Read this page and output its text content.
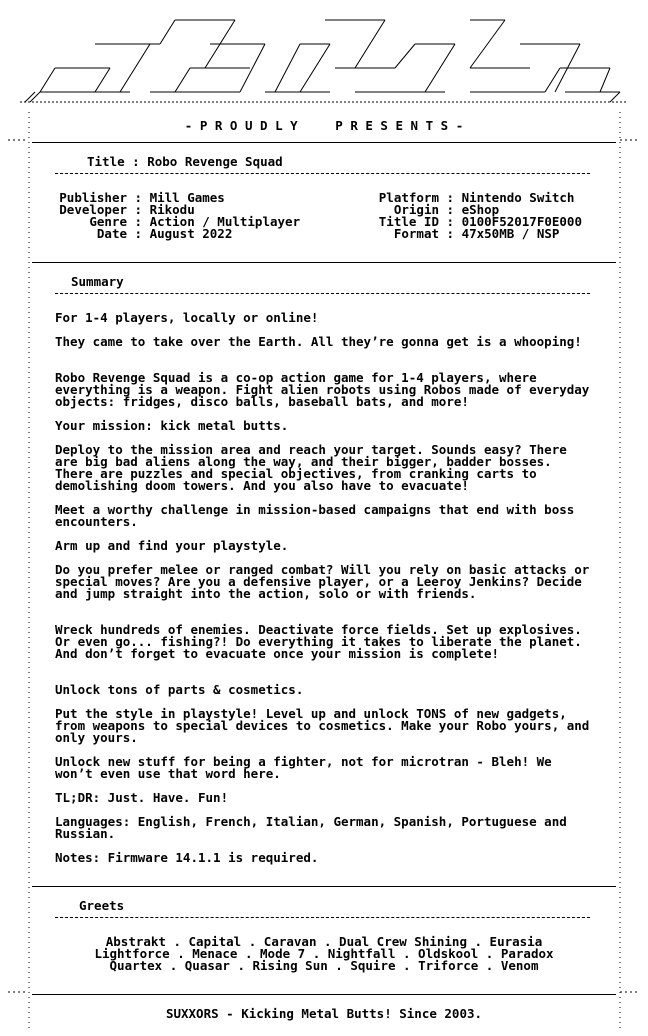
- P R O U D L Y     P R E S E N T S -
Title : Robo Revenge Squad
Publisher : Mill Games
Developer : Rikodu
Genre : Action / Multiplayer
Date : August 2022
Platform : Nintendo Switch
Origin : eShop
Title ID : 0100F52017F0E000
Format : 47x50MB / NSP
Summary
For 1-4 players, locally or online!
They came to take over the Earth. All they’re gonna get is a whooping!
Robo Revenge Squad is a co-op action game for 1-4 players, where everything is a weapon. Fight alien robots using Robos made of everyday objects: fridges, disco balls, baseball bats, and more!
Your mission: kick metal butts.
Deploy to the mission area and reach your target. Sounds easy? There are big bad aliens along the way, and their bigger, badder bosses. There are puzzles and special objectives, from cranking carts to demolishing doom towers. And you also have to evacuate!
Meet a worthy challenge in mission-based campaigns that end with boss encounters.
Arm up and find your playstyle.
Do you prefer melee or ranged combat? Will you rely on basic attacks or special moves? Are you a defensive player, or a Leeroy Jenkins? Decide and jump straight into the action, solo or with friends.
Wreck hundreds of enemies. Deactivate force fields. Set up explosives. Or even go... fishing?! Do everything it takes to liberate the planet. And don’t forget to evacuate once your mission is complete!
Unlock tons of parts & cosmetics.
Put the style in playstyle! Level up and unlock TONS of new gadgets, from weapons to special devices to cosmetics. Make your Robo yours, and only yours.
Unlock new stuff for being a fighter, not for microtran - Bleh! We won’t even use that word here.
TL;DR: Just. Have. Fun!
Languages: English, French, Italian, German, Spanish, Portuguese and Russian.
Notes: Firmware 14.1.1 is required.
Greets
Abstrakt . Capital . Caravan . Dual Crew Shining . Eurasia
Lightforce . Menace . Mode 7 . Nightfall . Oldskool . Paradox
Quartex . Quasar . Rising Sun . Squire . Triforce . Venom
SUXXORS - Kicking Metal Butts! Since 2003.
